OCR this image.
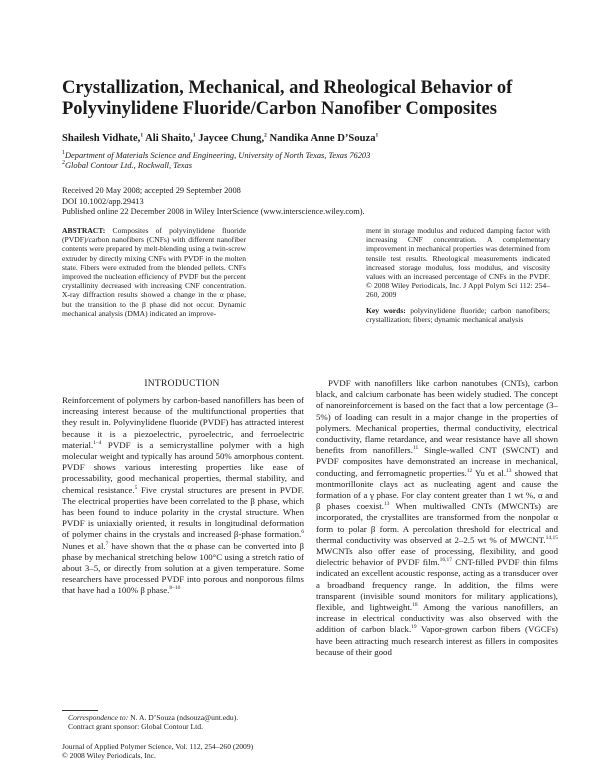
Crystallization, Mechanical, and Rheological Behavior of Polyvinylidene Fluoride/Carbon Nanofiber Composites

Shailesh Vidhate,$^1$ Ali Shaito,$^1$ Jaycee Chung,$^2$ Nandika Anne D’Souza$^1$

$^1$Department of Materials Science and Engineering, University of North Texas, Texas 76203
$^2$Global Contour Ltd., Rockwall, Texas
Received 20 May 2008; accepted 29 September 2008
DOI 10.1002/app.29413
Published online 22 December 2008 in Wiley InterScience (www.interscience.wiley.com).
ABSTRACT: Composites of polyvinylidene fluoride (PVDF)/carbon nanofibers (CNFs) with different nanofiber contents were prepared by melt-blending using a twin-screw extruder by directly mixing CNFs with PVDF in the molten state. Fibers were extruded from the blended pellets. CNFs improved the nucleation efficiency of PVDF but the percent crystallinity decreased with increasing CNF concentration. X-ray diffraction results showed a change in the α phase, but the transition to the β phase did not occur. Dynamic mechanical analysis (DMA) indicated an improve-
ment in storage modulus and reduced damping factor with increasing CNF concentration. A complementary improvement in mechanical properties was determined from tensile test results. Rheological measurements indicated increased storage modulus, loss modulus, and viscosity values with an increased percentage of CNFs in the PVDF. © 2008 Wiley Periodicals, Inc. J Appl Polym Sci 112: 254–260, 2009
Key words: polyvinylidene fluoride; carbon nanofibers; crystallization; fibers; dynamic mechanical analysis
INTRODUCTION

Reinforcement of polymers by carbon-based nanofillers has been of increasing interest because of the multifunctional properties that they result in. Polyvinylidene fluoride (PVDF) has attracted interest because it is a piezoelectric, pyroelectric, and ferroelectric material.$^{1-4}$ PVDF is a semicrystalline polymer with a high molecular weight and typically has around 50% amorphous content. PVDF shows various interesting properties like ease of processability, good mechanical properties, thermal stability, and chemical resistance.$^5$ Five crystal structures are present in PVDF. The electrical properties have been correlated to the β phase, which has been found to induce polarity in the crystal structure. When PVDF is uniaxially oriented, it results in longitudinal deformation of polymer chains in the crystals and increased β-phase formation.$^6$ Nunes et al.$^7$ have shown that the α phase can be converted into β phase by mechanical stretching below 100°C using a stretch ratio of about 3–5, or directly from solution at a given temperature. Some researchers have processed PVDF into porous and nonporous films that have had a 100% β phase.$^{8-10}$

PVDF with nanofillers like carbon nanotubes (CNTs), carbon black, and calcium carbonate has been widely studied. The concept of nanoreinforcement is based on the fact that a low percentage (3–5%) of loading can result in a major change in the properties of polymers. Mechanical properties, thermal conductivity, electrical conductivity, flame retardance, and wear resistance have all shown benefits from nanofillers.$^{11}$ Single-walled CNT (SWCNT) and PVDF composites have demonstrated an increase in mechanical, conducting, and ferromagnetic properties.$^{12}$ Yu et al.$^{13}$ showed that montmorillonite clays act as nucleating agent and cause the formation of a γ phase. For clay content greater than 1 wt %, α and β phases coexist.$^{13}$ When multiwalled CNTs (MWCNTs) are incorporated, the crystallites are transformed from the nonpolar α form to polar β form. A percolation threshold for electrical and thermal conductivity was observed at 2–2.5 wt % of MWCNT.$^{14,15}$ MWCNTs also offer ease of processing, flexibility, and good dielectric behavior of PVDF film.$^{16,17}$ CNT-filled PVDF thin films indicated an excellent acoustic response, acting as a transducer over a broadband frequency range. In addition, the films were transparent (invisible sound monitors for military applications), flexible, and lightweight.$^{18}$ Among the various nanofillers, an increase in electrical conductivity was also observed with the addition of carbon black.$^{19}$ Vapor-grown carbon fibers (VGCFs) have been attracting much research interest as fillers in composites because of their good

Correspondence to: N. A. D’Souza (ndsouza@unt.edu).

Contract grant sponsor: Global Contour Ltd.

Journal of Applied Polymer Science, Vol. 112, 254–260 (2009)
© 2008 Wiley Periodicals, Inc.
